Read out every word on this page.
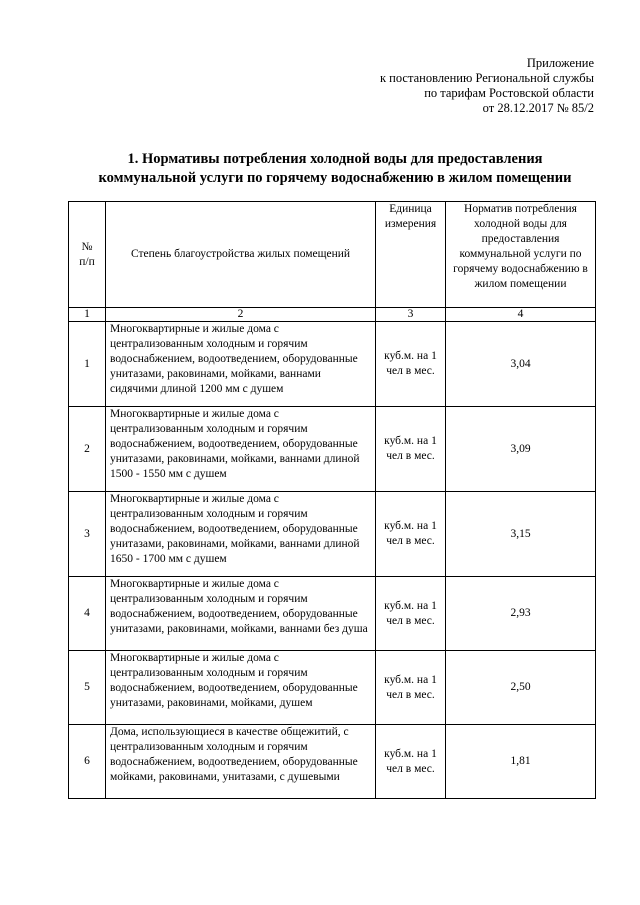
Приложение
к постановлению Региональной службы
по тарифам Ростовской области
от 28.12.2017 № 85/2
1. Нормативы потребления холодной воды для предоставления
коммунальной услуги по горячему водоснабжению в жилом помещении
№
п/п	Степень благоустройства жилых помещений	Единица измерения	Норматив потребления холодной воды для предоставления коммунальной услуги по горячему водоснабжению в жилом помещении
1	2	3	4
1	Многоквартирные и жилые дома с централизованным холодным и горячим водоснабжением, водоотведением, оборудованные унитазами, раковинами, мойками, ваннами сидячими длиной 1200 мм с душем	куб.м. на 1 чел в мес.	3,04
2	Многоквартирные и жилые дома с централизованным холодным и горячим водоснабжением, водоотведением, оборудованные унитазами, раковинами, мойками, ваннами длиной 1500 - 1550 мм с душем	куб.м. на 1 чел в мес.	3,09
3	Многоквартирные и жилые дома с централизованным холодным и горячим водоснабжением, водоотведением, оборудованные унитазами, раковинами, мойками, ваннами длиной 1650 - 1700 мм с душем	куб.м. на 1 чел в мес.	3,15
4	Многоквартирные и жилые дома с централизованным холодным и горячим водоснабжением, водоотведением, оборудованные унитазами, раковинами, мойками, ваннами без душа	куб.м. на 1 чел в мес.	2,93
5	Многоквартирные и жилые дома с централизованным холодным и горячим водоснабжением, водоотведением, оборудованные унитазами, раковинами, мойками, душем	куб.м. на 1 чел в мес.	2,50
6	Дома, использующиеся в качестве общежитий, с централизованным холодным и горячим водоснабжением, водоотведением, оборудованные мойками, раковинами, унитазами, с душевыми	куб.м. на 1 чел в мес.	1,81
